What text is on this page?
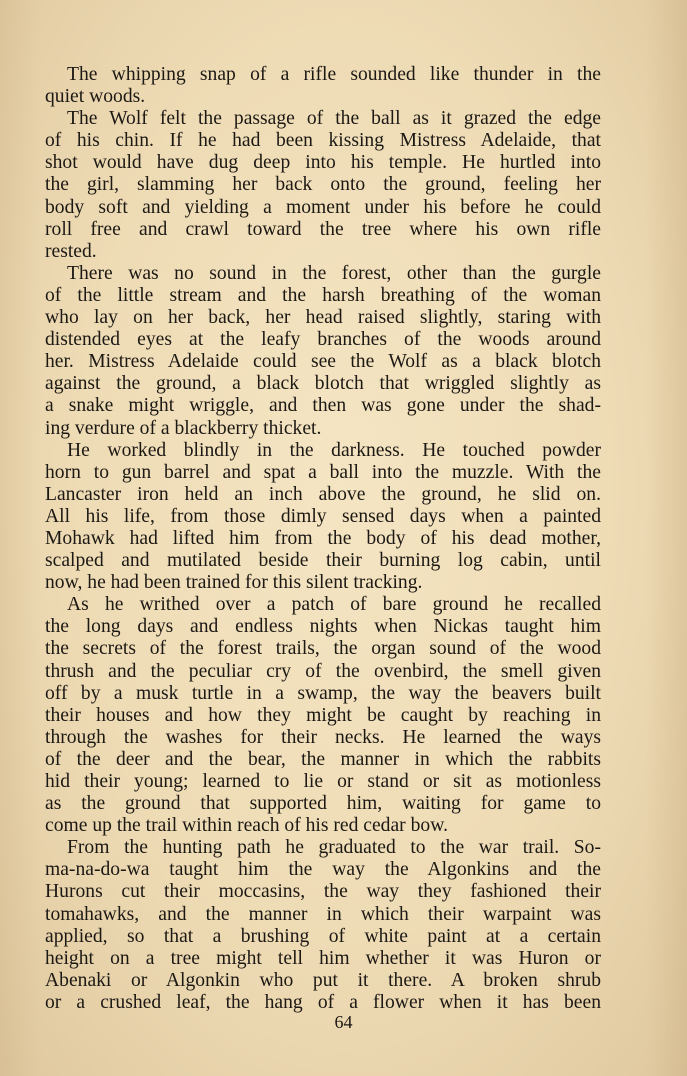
The whipping snap of a rifle sounded like thunder in the
quiet woods.
The Wolf felt the passage of the ball as it grazed the edge
of his chin. If he had been kissing Mistress Adelaide, that
shot would have dug deep into his temple. He hurtled into
the girl, slamming her back onto the ground, feeling her
body soft and yielding a moment under his before he could
roll free and crawl toward the tree where his own rifle
rested.
There was no sound in the forest, other than the gurgle
of the little stream and the harsh breathing of the woman
who lay on her back, her head raised slightly, staring with
distended eyes at the leafy branches of the woods around
her. Mistress Adelaide could see the Wolf as a black blotch
against the ground, a black blotch that wriggled slightly as
a snake might wriggle, and then was gone under the shad-
ing verdure of a blackberry thicket.
He worked blindly in the darkness. He touched powder
horn to gun barrel and spat a ball into the muzzle. With the
Lancaster iron held an inch above the ground, he slid on.
All his life, from those dimly sensed days when a painted
Mohawk had lifted him from the body of his dead mother,
scalped and mutilated beside their burning log cabin, until
now, he had been trained for this silent tracking.
As he writhed over a patch of bare ground he recalled
the long days and endless nights when Nickas taught him
the secrets of the forest trails, the organ sound of the wood
thrush and the peculiar cry of the ovenbird, the smell given
off by a musk turtle in a swamp, the way the beavers built
their houses and how they might be caught by reaching in
through the washes for their necks. He learned the ways
of the deer and the bear, the manner in which the rabbits
hid their young; learned to lie or stand or sit as motionless
as the ground that supported him, waiting for game to
come up the trail within reach of his red cedar bow.
From the hunting path he graduated to the war trail. So-
ma-na-do-wa taught him the way the Algonkins and the
Hurons cut their moccasins, the way they fashioned their
tomahawks, and the manner in which their warpaint was
applied, so that a brushing of white paint at a certain
height on a tree might tell him whether it was Huron or
Abenaki or Algonkin who put it there. A broken shrub
or a crushed leaf, the hang of a flower when it has been
64
